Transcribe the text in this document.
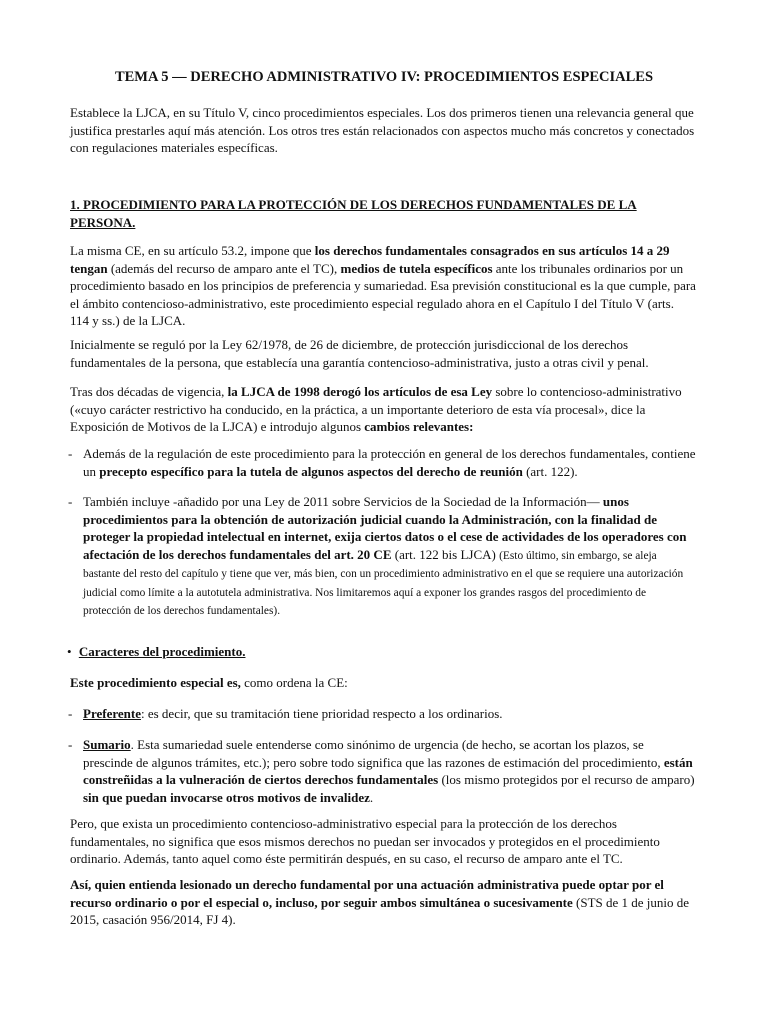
TEMA 5 — DERECHO ADMINISTRATIVO IV: PROCEDIMIENTOS ESPECIALES

Establece la LJCA, en su Título V, cinco procedimientos especiales. Los dos primeros tienen una relevancia general que justifica prestarles aquí más atención. Los otros tres están relacionados con aspectos mucho más concretos y conectados con regulaciones materiales específicas.

1. PROCEDIMIENTO PARA LA PROTECCIÓN DE LOS DERECHOS FUNDAMENTALES DE LA PERSONA.

La misma CE, en su artículo 53.2, impone que los derechos fundamentales consagrados en sus artículos 14 a 29 tengan (además del recurso de amparo ante el TC), medios de tutela específicos ante los tribunales ordinarios por un procedimiento basado en los principios de preferencia y sumariedad. Esa previsión constitucional es la que cumple, para el ámbito contencioso-administrativo, este procedimiento especial regulado ahora en el Capítulo I del Título V (arts. 114 y ss.) de la LJCA.

Inicialmente se reguló por la Ley 62/1978, de 26 de diciembre, de protección jurisdiccional de los derechos fundamentales de la persona, que establecía una garantía contencioso-administrativa, justo a otras civil y penal.

Tras dos décadas de vigencia, la LJCA de 1998 derogó los artículos de esa Ley sobre lo contencioso-administrativo («cuyo carácter restrictivo ha conducido, en la práctica, a un importante deterioro de esta vía procesal», dice la Exposición de Motivos de la LJCA) e introdujo algunos cambios relevantes:

- Además de la regulación de este procedimiento para la protección en general de los derechos fundamentales, contiene un precepto específico para la tutela de algunos aspectos del derecho de reunión (art. 122).
- También incluye -añadido por una Ley de 2011 sobre Servicios de la Sociedad de la Información— unos procedimientos para la obtención de autorización judicial cuando la Administración, con la finalidad de proteger la propiedad intelectual en internet, exija ciertos datos o el cese de actividades de los operadores con afectación de los derechos fundamentales del art. 20 CE (art. 122 bis LJCA) (Esto último, sin embargo, se aleja bastante del resto del capítulo y tiene que ver, más bien, con un procedimiento administrativo en el que se requiere una autorización judicial como límite a la autotutela administrativa. Nos limitaremos aquí a exponer los grandes rasgos del procedimiento de protección de los derechos fundamentales).
• Caracteres del procedimiento.

Este procedimiento especial es, como ordena la CE:

- Preferente: es decir, que su tramitación tiene prioridad respecto a los ordinarios.
- Sumario. Esta sumariedad suele entenderse como sinónimo de urgencia (de hecho, se acortan los plazos, se prescinde de algunos trámites, etc.); pero sobre todo significa que las razones de estimación del procedimiento, están constreñidas a la vulneración de ciertos derechos fundamentales (los mismo protegidos por el recurso de amparo) sin que puedan invocarse otros motivos de invalidez.

Pero, que exista un procedimiento contencioso-administrativo especial para la protección de los derechos fundamentales, no significa que esos mismos derechos no puedan ser invocados y protegidos en el procedimiento ordinario. Además, tanto aquel como éste permitirán después, en su caso, el recurso de amparo ante el TC.

Así, quien entienda lesionado un derecho fundamental por una actuación administrativa puede optar por el recurso ordinario o por el especial o, incluso, por seguir ambos simultánea o sucesivamente (STS de 1 de junio de 2015, casación 956/2014, FJ 4).
